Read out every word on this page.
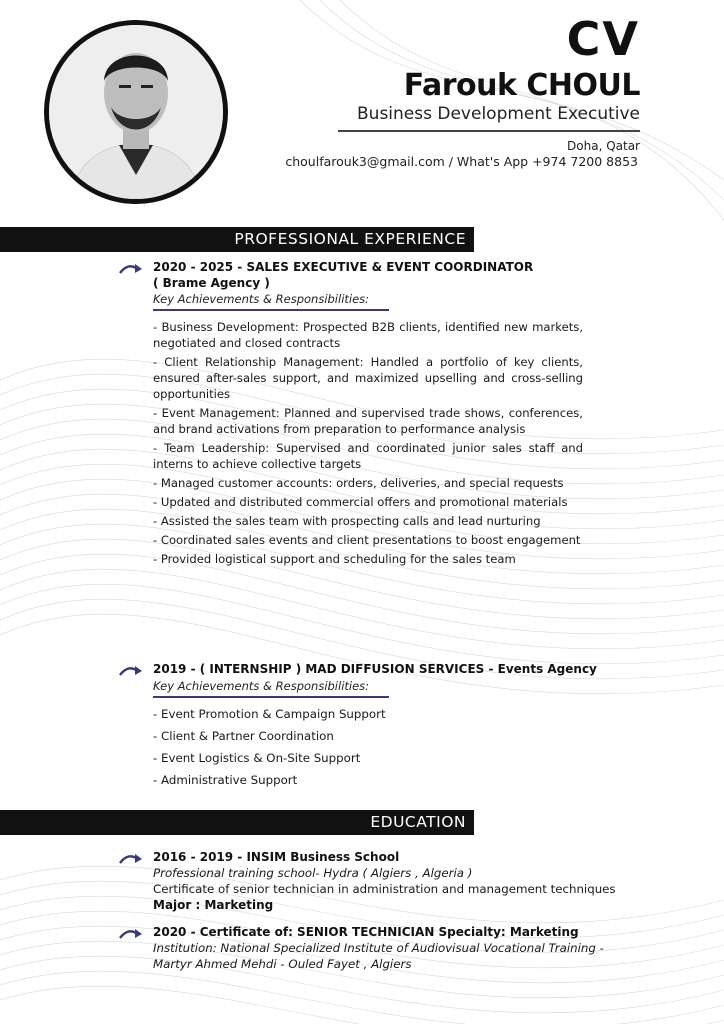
CV
Farouk CHOUL
Business Development Executive
Doha, Qatar
choulfarouk3@gmail.com / What's App +974 7200 8853
PROFESSIONAL EXPERIENCE
2020 - 2025 - SALES EXECUTIVE & EVENT COORDINATOR
( Brame Agency )
Key Achievements & Responsibilities:
- Business Development: Prospected B2B clients, identified new markets, negotiated and closed contracts
- Client Relationship Management: Handled a portfolio of key clients, ensured after-sales support, and maximized upselling and cross-selling opportunities
- Event Management: Planned and supervised trade shows, conferences, and brand activations from preparation to performance analysis
- Team Leadership: Supervised and coordinated junior sales staff and interns to achieve collective targets
- Managed customer accounts: orders, deliveries, and special requests
- Updated and distributed commercial offers and promotional materials
- Assisted the sales team with prospecting calls and lead nurturing
- Coordinated sales events and client presentations to boost engagement
- Provided logistical support and scheduling for the sales team
2019 - ( INTERNSHIP ) MAD DIFFUSION SERVICES - Events Agency
Key Achievements & Responsibilities:
- Event Promotion & Campaign Support
- Client & Partner Coordination
- Event Logistics & On-Site Support
- Administrative Support
EDUCATION
2016 - 2019 - INSIM Business School
Professional training school- Hydra ( Algiers , Algeria )
Certificate of senior technician in administration and management techniques
Major : Marketing
2020 - Certificate of: SENIOR TECHNICIAN Specialty: Marketing
Institution: National Specialized Institute of Audiovisual Vocational Training -
Martyr Ahmed Mehdi - Ouled Fayet , Algiers
